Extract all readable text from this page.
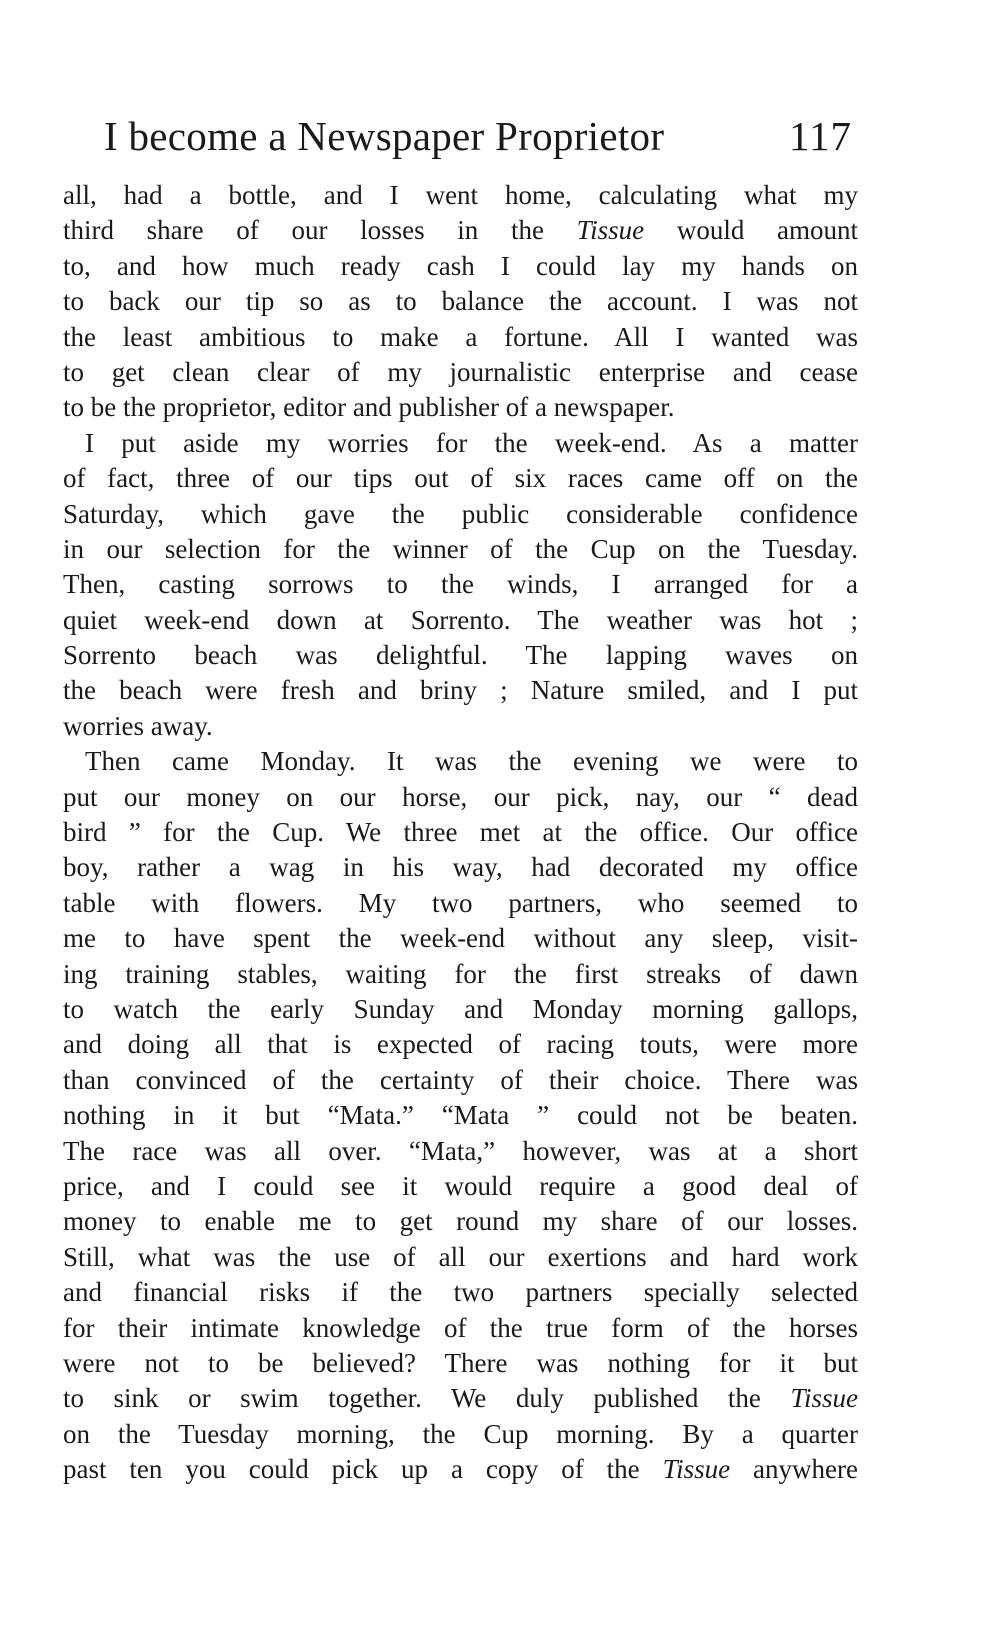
I become a Newspaper Proprietor	117
all, had a bottle, and I went home, calculating what my
third share of our losses in the Tissue would amount
to, and how much ready cash I could lay my hands on
to back our tip so as to balance the account. I was not
the least ambitious to make a fortune. All I wanted was
to get clean clear of my journalistic enterprise and cease
to be the proprietor, editor and publisher of a newspaper.
I put aside my worries for the week-end. As a matter
of fact, three of our tips out of six races came off on the
Saturday, which gave the public considerable confidence
in our selection for the winner of the Cup on the Tuesday.
Then, casting sorrows to the winds, I arranged for a
quiet week-end down at Sorrento. The weather was hot ;
Sorrento beach was delightful. The lapping waves on
the beach were fresh and briny ; Nature smiled, and I put
worries away.
Then came Monday. It was the evening we were to
put our money on our horse, our pick, nay, our “ dead
bird ” for the Cup. We three met at the office. Our office
boy, rather a wag in his way, had decorated my office
table with flowers. My two partners, who seemed to
me to have spent the week-end without any sleep, visit-
ing training stables, waiting for the first streaks of dawn
to watch the early Sunday and Monday morning gallops,
and doing all that is expected of racing touts, were more
than convinced of the certainty of their choice. There was
nothing in it but “Mata.” “Mata ” could not be beaten.
The race was all over. “Mata,” however, was at a short
price, and I could see it would require a good deal of
money to enable me to get round my share of our losses.
Still, what was the use of all our exertions and hard work
and financial risks if the two partners specially selected
for their intimate knowledge of the true form of the horses
were not to be believed? There was nothing for it but
to sink or swim together. We duly published the Tissue
on the Tuesday morning, the Cup morning. By a quarter
past ten you could pick up a copy of the Tissue anywhere
